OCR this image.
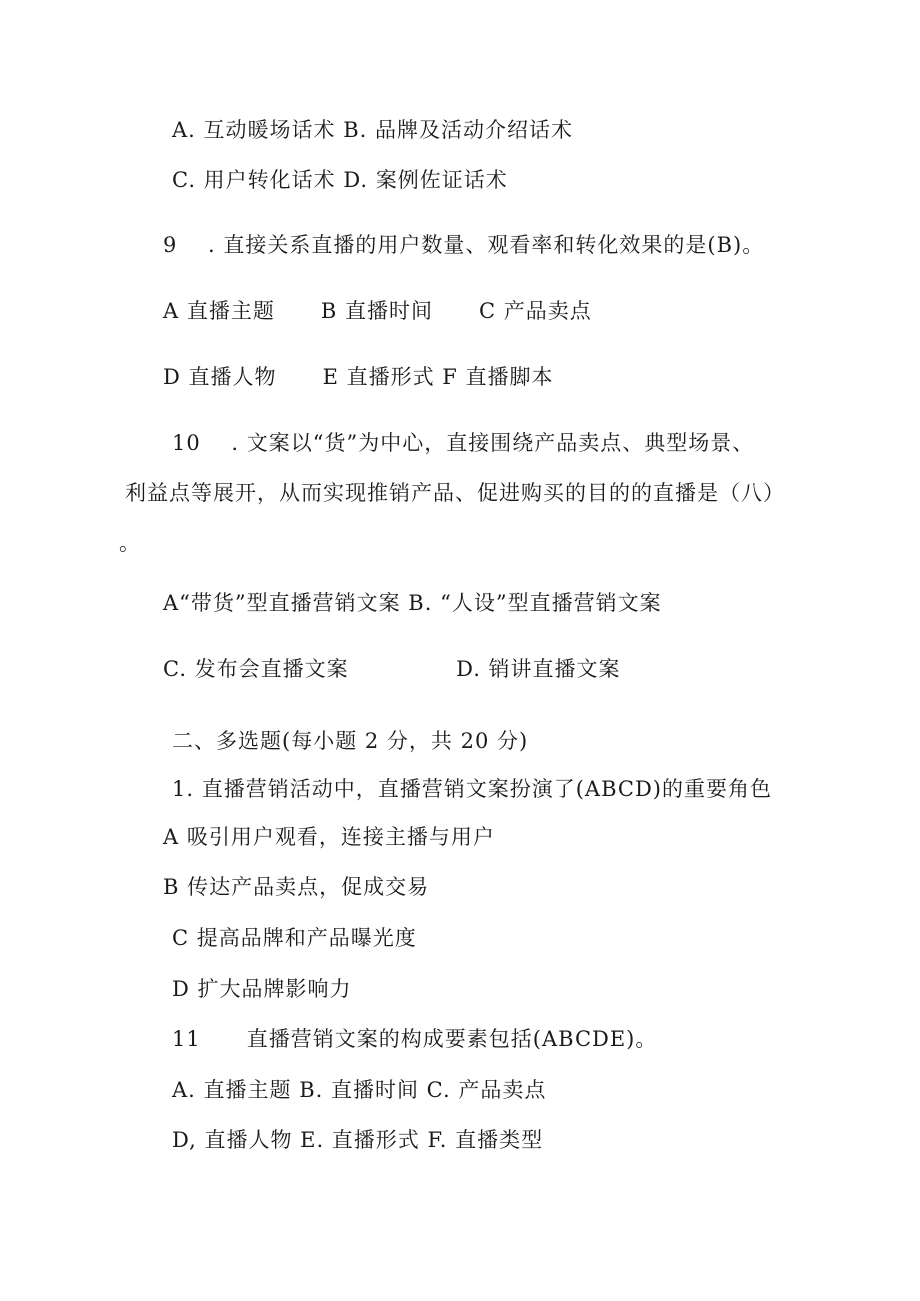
A. 互动暖场话术 B. 品牌及活动介绍话术
C. 用户转化话术 D. 案例佐证话术
9    . 直接关系直播的用户数量、观看率和转化效果的是(B)。
A 直播主题      B 直播时间      C 产品卖点
D 直播人物      E 直播形式 F 直播脚本
10    . 文案以“货”为中心，直接围绕产品卖点、典型场景、
利益点等展开，从而实现推销产品、促进购买的目的的直播是（八）
。
A“带货”型直播营销文案 B. “人设”型直播营销文案
C. 发布会直播文案              D. 销讲直播文案
二、多选题(每小题 2 分，共 20 分)
1. 直播营销活动中，直播营销文案扮演了(ABCD)的重要角色
A 吸引用户观看，连接主播与用户
B 传达产品卖点，促成交易
C 提高品牌和产品曝光度
D 扩大品牌影响力
11      直播营销文案的构成要素包括(ABCDE)。
A. 直播主题 B. 直播时间 C. 产品卖点
D, 直播人物 E. 直播形式 F. 直播类型
